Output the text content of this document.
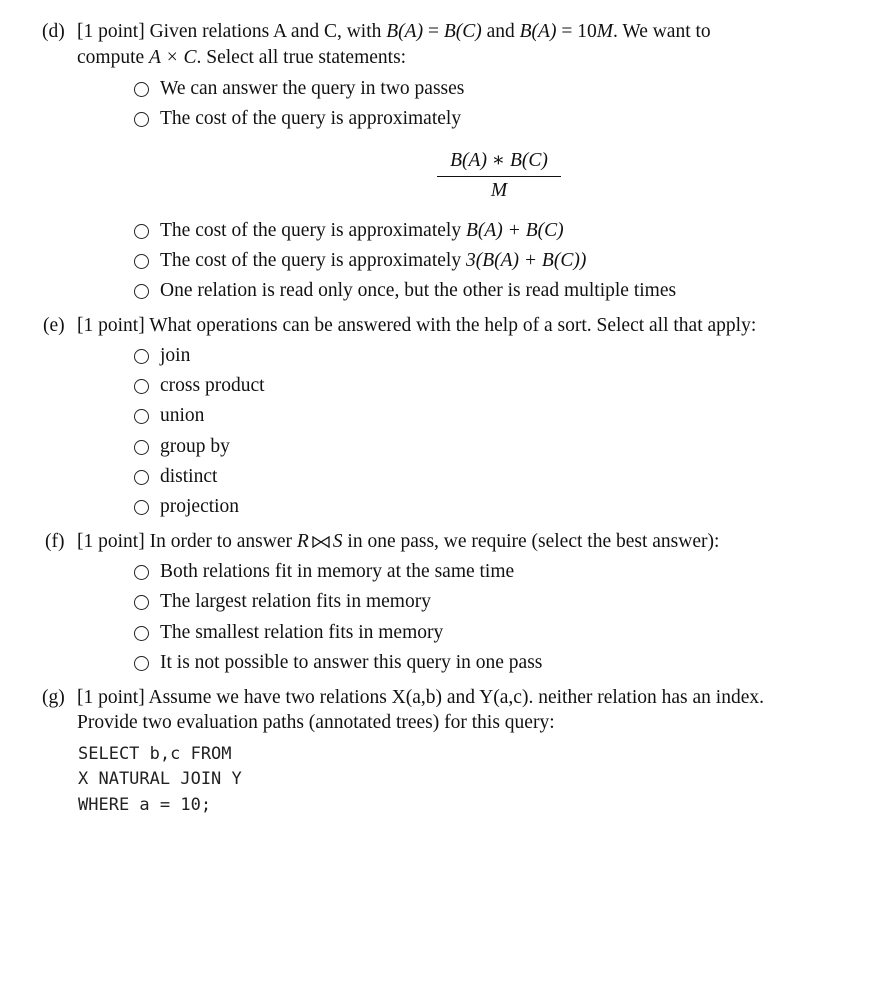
(d) [1 point] Given relations A and C, with B(A) = B(C) and B(A) = 10M. We want to
compute A × C. Select all true statements:
We can answer the query in two passes
The cost of the query is approximately
B(A) ∗ B(C)
M
The cost of the query is approximately B(A) + B(C)
The cost of the query is approximately 3(B(A) + B(C))
One relation is read only once, but the other is read multiple times
(e) [1 point] What operations can be answered with the help of a sort. Select all that apply:
join
cross product
union
group by
distinct
projection
(f) [1 point] In order to answer R S in one pass, we require (select the best answer):
Both relations fit in memory at the same time
The largest relation fits in memory
The smallest relation fits in memory
It is not possible to answer this query in one pass
(g) [1 point] Assume we have two relations X(a,b) and Y(a,c). neither relation has an index.
Provide two evaluation paths (annotated trees) for this query:
SELECT b,c FROM
X NATURAL JOIN Y
WHERE a = 10;
